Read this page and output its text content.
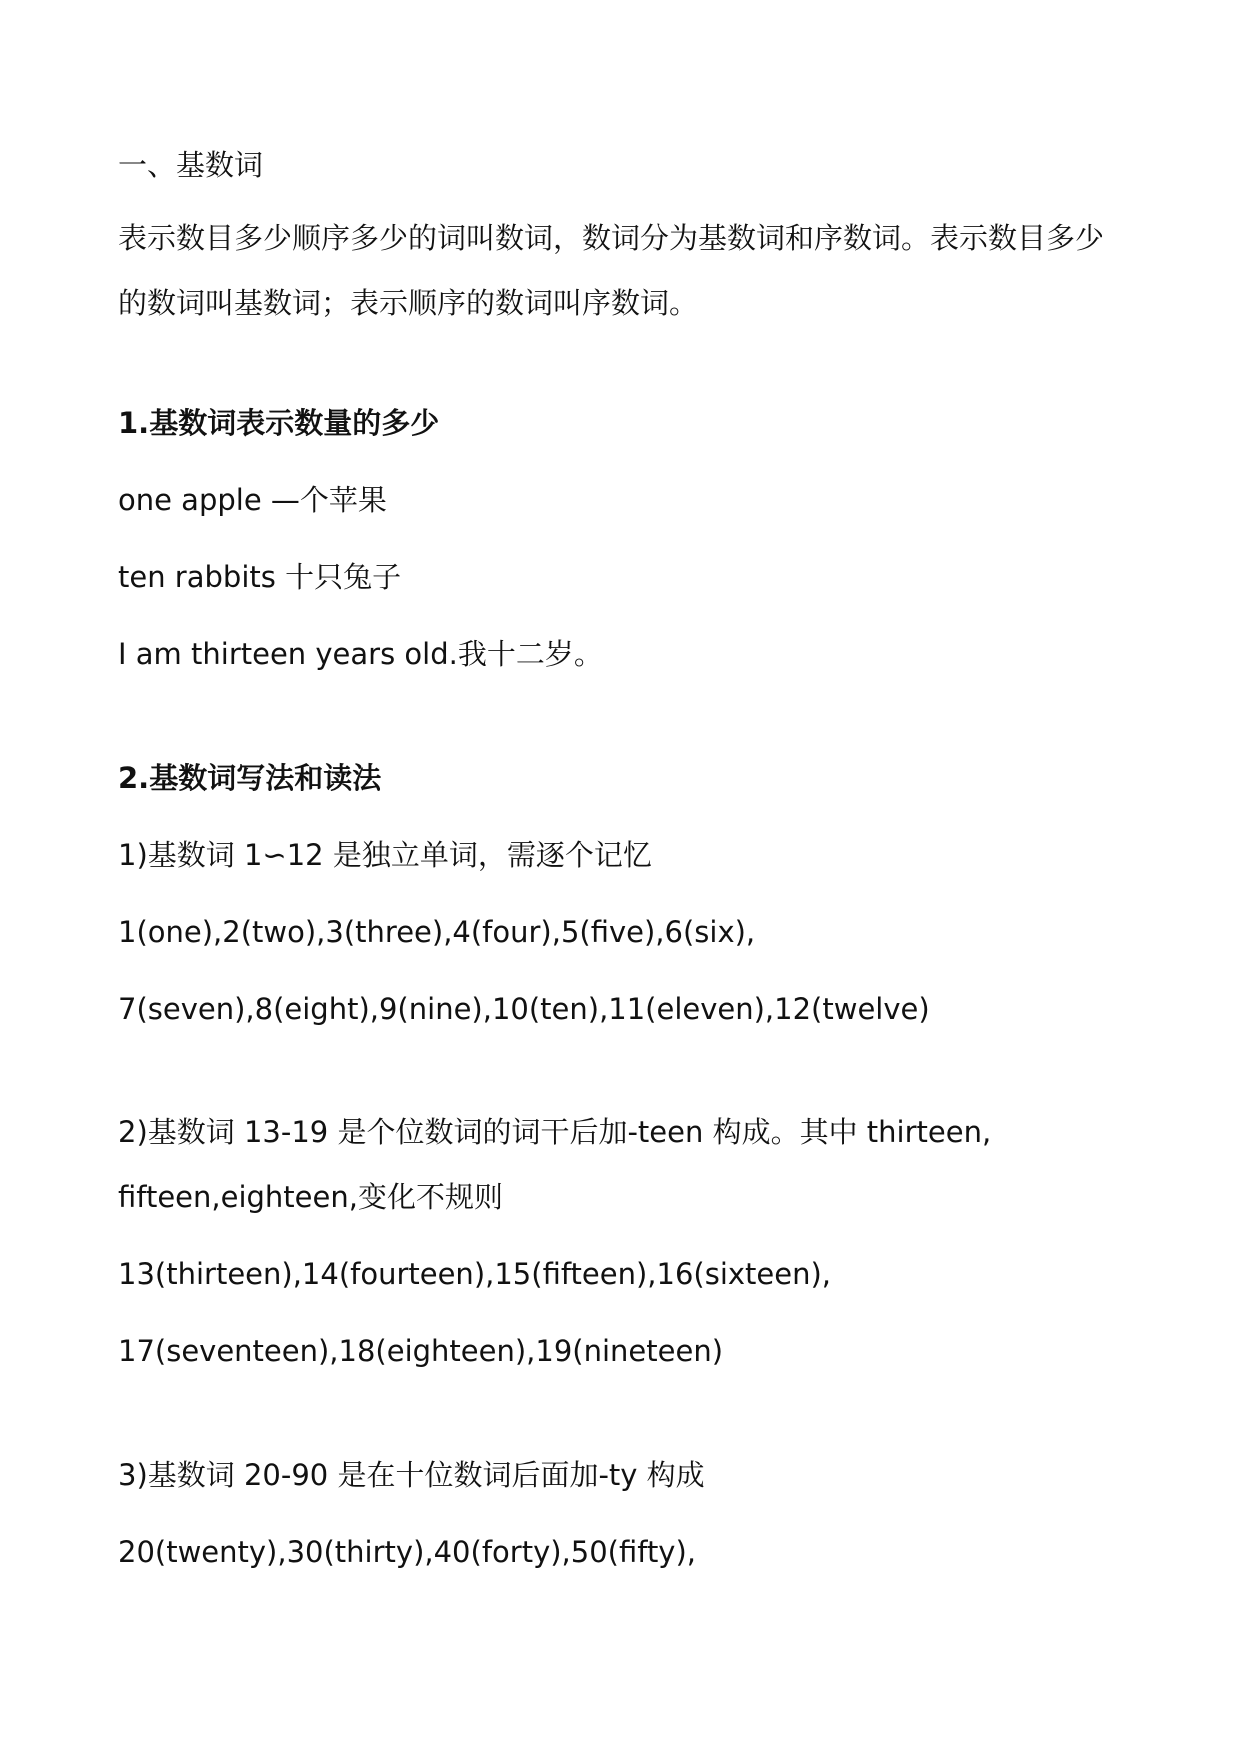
一、基数词

表示数目多少顺序多少的词叫数词，数词分为基数词和序数词。表示数目多少

的数词叫基数词；表示顺序的数词叫序数词。

1.基数词表示数量的多少

one apple —个苹果

ten rabbits 十只兔子

I am thirteen years old.我十二岁。

2.基数词写法和读法

1)基数词 1∽12 是独立单词，需逐个记忆

1(one),2(two),3(three),4(four),5(five),6(six),

7(seven),8(eight),9(nine),10(ten),11(eleven),12(twelve)

2)基数词 13-19 是个位数词的词干后加-teen 构成。其中 thirteen,

fifteen,eighteen,变化不规则

13(thirteen),14(fourteen),15(fifteen),16(sixteen),

17(seventeen),18(eighteen),19(nineteen)

3)基数词 20-90 是在十位数词后面加-ty 构成

20(twenty),30(thirty),40(forty),50(fifty),
